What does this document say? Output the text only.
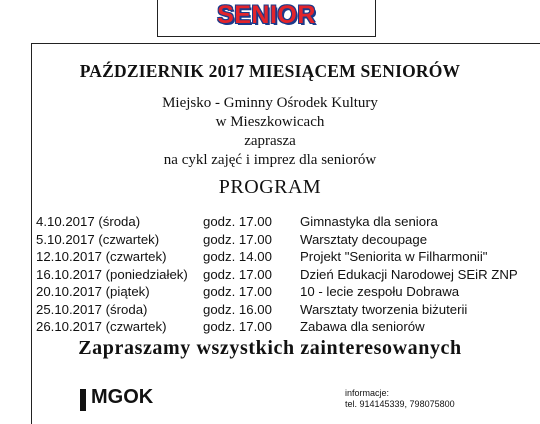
SENIOR
PAŹDZIERNIK 2017 MIESIĄCEM SENIORÓW
Miejsko - Gminny Ośrodek Kultury
w Mieszkowicach
zaprasza
na cykl zajęć i imprez dla seniorów
PROGRAM
4.10.2017 (środa)	godz. 17.00 Gimnastyka dla seniora
5.10.2017 (czwartek)	godz. 17.00 Warsztaty decoupage
12.10.2017 (czwartek)	godz. 14.00 Projekt "Seniorita w Filharmonii"
16.10.2017 (poniedziałek) godz. 17.00 Dzień Edukacji Narodowej SEiR ZNP
20.10.2017 (piątek)	godz. 17.00 10 - lecie zespołu Dobrawa
25.10.2017 (środa)	godz. 16.00 Warsztaty tworzenia biżuterii
26.10.2017 (czwartek)	godz. 17.00 Zabawa dla seniorów
Zapraszamy wszystkich zainteresowanych
MGOK	informacje:
tel. 914145339, 798075800
